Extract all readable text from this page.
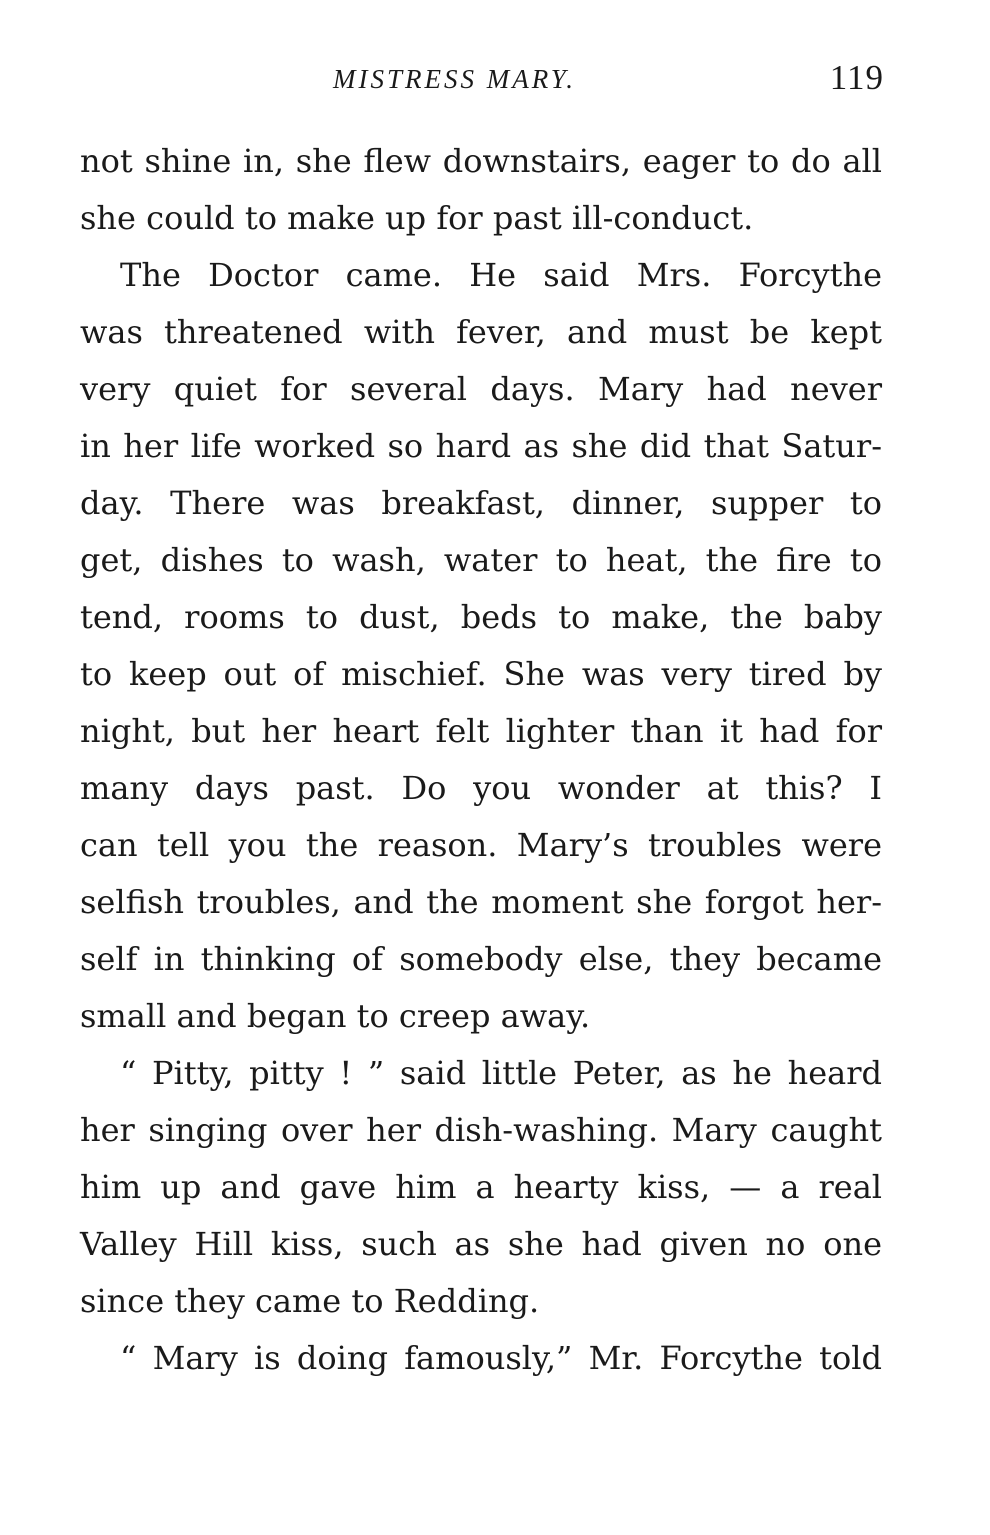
MISTRESS MARY.	119
not shine in, she flew downstairs, eager to do all
she could to make up for past ill-conduct.
The Doctor came. He said Mrs. Forcythe
was threatened with fever, and must be kept
very quiet for several days. Mary had never
in her life worked so hard as she did that Satur-
day. There was breakfast, dinner, supper to
get, dishes to wash, water to heat, the fire to
tend, rooms to dust, beds to make, the baby
to keep out of mischief. She was very tired by
night, but her heart felt lighter than it had for
many days past. Do you wonder at this? I
can tell you the reason. Mary’s troubles were
selfish troubles, and the moment she forgot her-
self in thinking of somebody else, they became
small and began to creep away.
“ Pitty, pitty ! ” said little Peter, as he heard
her singing over her dish-washing. Mary caught
him up and gave him a hearty kiss, — a real
Valley Hill kiss, such as she had given no one
since they came to Redding.
“ Mary is doing famously,” Mr. Forcythe told
